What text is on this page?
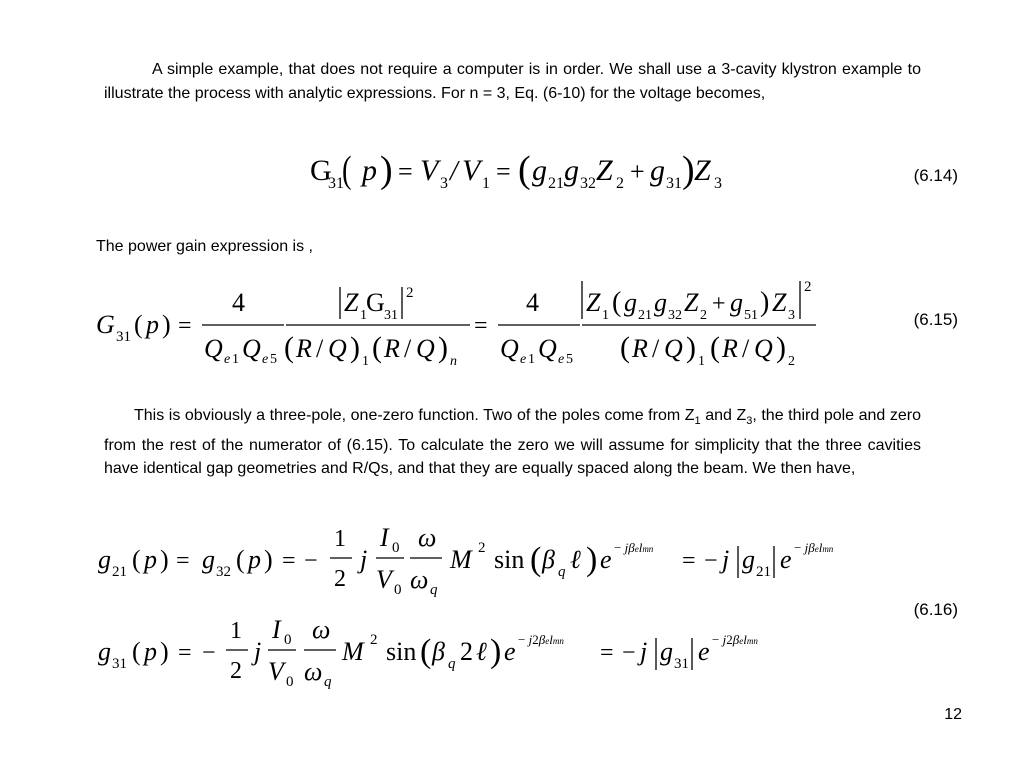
A simple example, that does not require a computer is in order. We shall use a 3-cavity klystron example to illustrate the process with analytic expressions. For n = 3, Eq. (6-10) for the voltage becomes,
G
31
( p ) = V 3 / V 1 = ( g 21 g 32 Z 2 + g 31 ) Z 3	(6.14)
The power gain expression is ,
G 31 ( p ) =
4
Q e 1 Q e 5
Z 1 G 31
2
( R / Q ) 1 ( R / Q ) n
=
4
Q e 1 Q e 5
Z 1 ( g 21 g 32 Z 2 + g 51 ) Z 3
2
( R / Q ) 1 ( R / Q ) 2
(6.15)
This is obviously a three-pole, one-zero function. Two of the poles come from $Z_1$ and $Z_3$, the third pole and zero from the rest of the numerator of (6.15). To calculate the zero we will assume for simplicity that the three cavities have identical gap geometries and R/Qs, and that they are equally spaced along the beam. We then have,
g 21 ( p ) = g 32 ( p ) = −
1
2
j
I 0
V 0
ω
ω q
M 2 sin ( β q ℓ ) e − jβelmn = − j g 21 e − jβelmn
(6.16)
g 31 ( p ) = −
1
2
j
I 0
V 0
ω
ω q
M 2 sin ( β q 2 ℓ ) e − j2βelmn = − j g 31 e − j2βelmn
12
